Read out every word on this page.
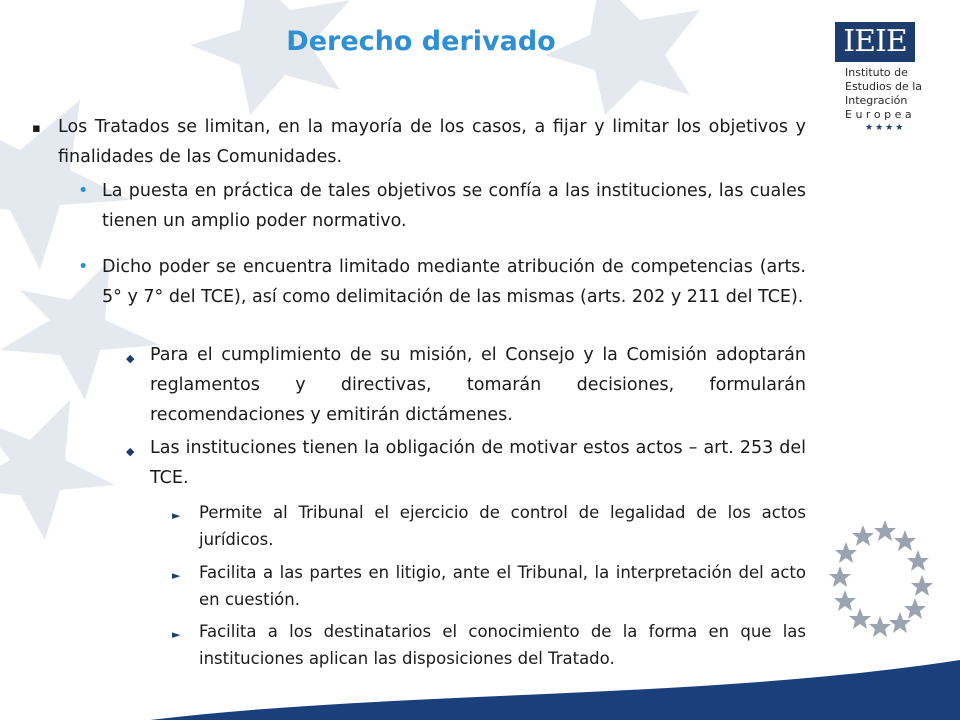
Derecho derivado	IEIE
Instituto de
Estudios de la
Integración
E u r o p e a
★★★★
▪ Los Tratados se limitan, en la mayoría de los casos, a fijar y limitar los objetivos y finalidades de las Comunidades.

• La puesta en práctica de tales objetivos se confía a las instituciones, las cuales tienen un amplio poder normativo.

• Dicho poder se encuentra limitado mediante atribución de competencias (arts. 5° y 7° del TCE), así como delimitación de las mismas (arts. 202 y 211 del TCE).

◆ Para el cumplimiento de su misión, el Consejo y la Comisión adoptarán reglamentos y directivas, tomarán decisiones, formularán recomendaciones y emitirán dictámenes.

◆ Las instituciones tienen la obligación de motivar estos actos – art. 253 del TCE.

► Permite al Tribunal el ejercicio de control de legalidad de los actos jurídicos.

► Facilita a las partes en litigio, ante el Tribunal, la interpretación del acto en cuestión.

► Facilita a los destinatarios el conocimiento de la forma en que las instituciones aplican las disposiciones del Tratado.
